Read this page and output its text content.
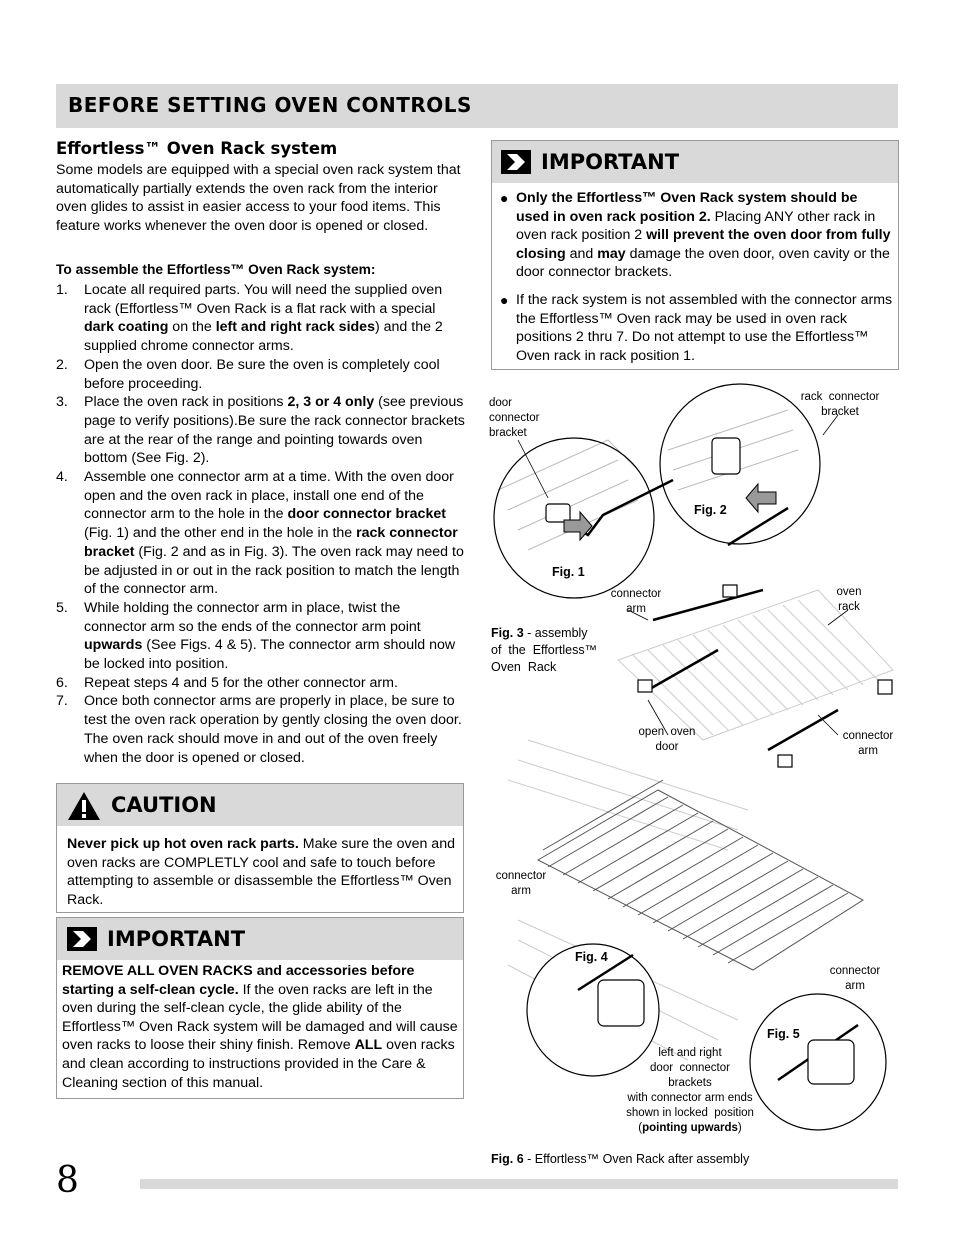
BEFORE SETTING OVEN CONTROLS
Effortless™ Oven Rack system
Some models are equipped with a special oven rack system that automatically partially extends the oven rack from the interior oven glides to assist in easier access to your food items. This feature works whenever the oven door is opened or closed.
To assemble the Effortless™ Oven Rack system:
1. Locate all required parts. You will need the supplied oven rack (Effortless™ Oven Rack is a flat rack with a special dark coating on the left and right rack sides) and the 2 supplied chrome connector arms.
2. Open the oven door. Be sure the oven is completely cool before proceeding.
3. Place the oven rack in positions 2, 3 or 4 only (see previous page to verify positions).Be sure the rack connector brackets are at the rear of the range and pointing towards oven bottom (See Fig. 2).
4. Assemble one connector arm at a time. With the oven door open and the oven rack in place, install one end of the connector arm to the hole in the door connector bracket (Fig. 1) and the other end in the hole in the rack connector bracket (Fig. 2 and as in Fig. 3). The oven rack may need to be adjusted in or out in the rack position to match the length of the connector arm.
5. While holding the connector arm in place, twist the connector arm so the ends of the connector arm point upwards (See Figs. 4 & 5). The connector arm should now be locked into position.
6. Repeat steps 4 and 5 for the other connector arm.
7. Once both connector arms are properly in place, be sure to test the oven rack operation by gently closing the oven door. The oven rack should move in and out of the oven freely when the door is opened or closed.
CAUTION
Never pick up hot oven rack parts. Make sure the oven and oven racks are COMPLETLY cool and safe to touch before attempting to assemble or disassemble the Effortless™ Oven Rack.
IMPORTANT
REMOVE ALL OVEN RACKS and accessories before starting a self-clean cycle. If the oven racks are left in the oven during the self-clean cycle, the glide ability of the Effortless™ Oven Rack system will be damaged and will cause oven racks to loose their shiny finish. Remove ALL oven racks and clean according to instructions provided in the Care & Cleaning section of this manual.
IMPORTANT
● Only the Effortless™ Oven Rack system should be used in oven rack position 2. Placing ANY other rack in oven rack position 2 will prevent the oven door from fully closing and may damage the oven door, oven cavity or the door connector brackets.
● If the rack system is not assembled with the connector arms the Effortless™ Oven rack may be used in oven rack positions 2 thru 7. Do not attempt to use the Effortless™ Oven rack in rack position 1.
door
connector
bracket
rack  connector
bracket
Fig. 1
Fig. 2
connector
arm
oven
rack
Fig. 3 - assembly
of  the  Effortless™
Oven  Rack
open  oven
door
connector
arm
connector
arm
Fig. 4
connector
arm
Fig. 5
left and right
door  connector
brackets
with connector arm ends
shown in locked  position
(pointing upwards)
Fig. 6 - Effortless™ Oven Rack after assembly
8
